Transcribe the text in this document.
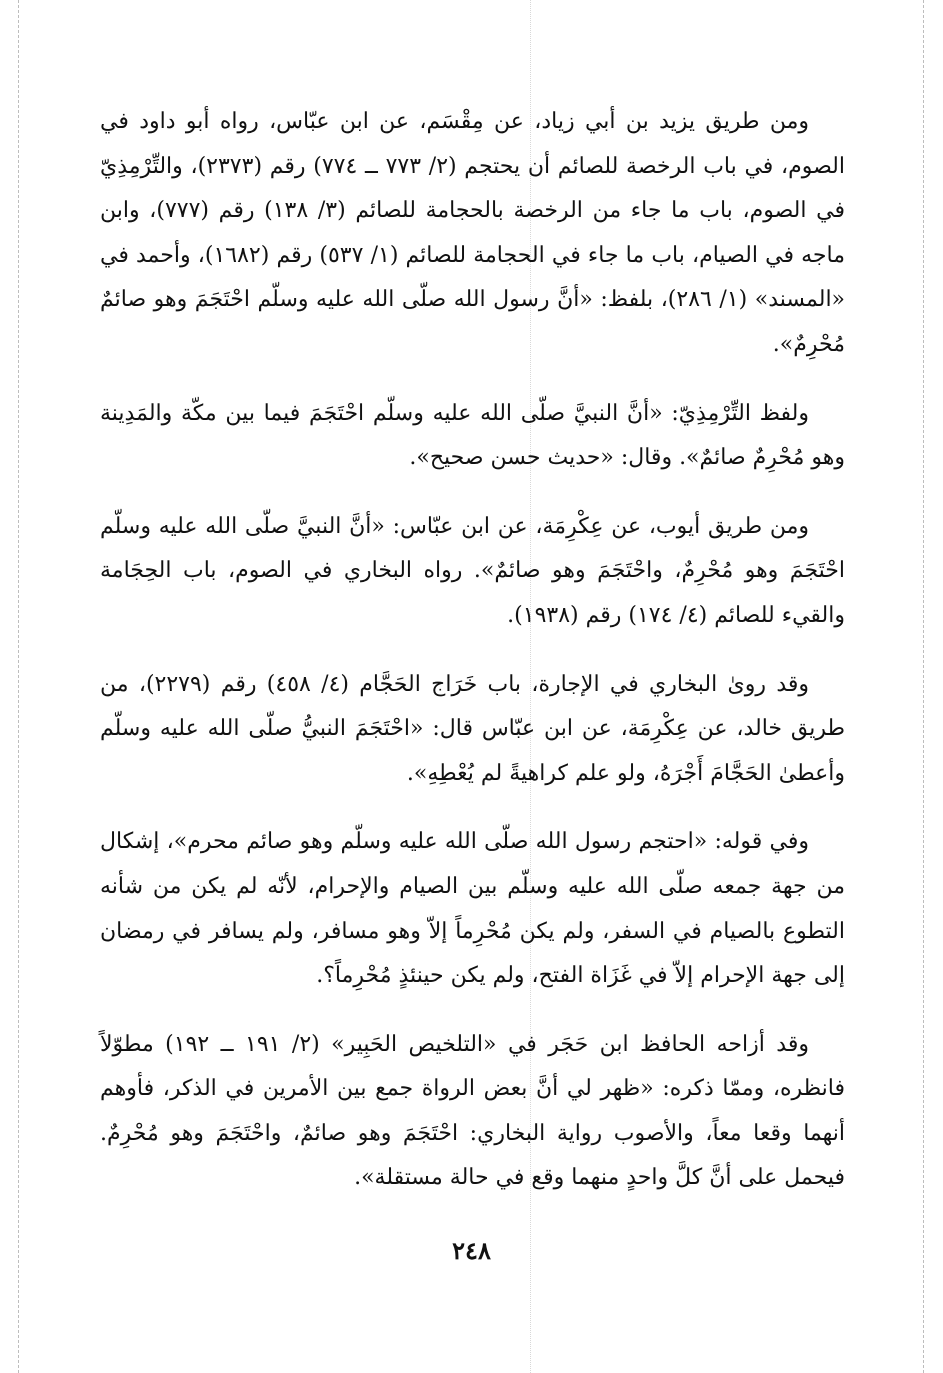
ومن طريق يزيد بن أبي زياد، عن مِقْسَم، عن ابن عبّاس، رواه أبو داود في الصوم، في باب الرخصة للصائم أن يحتجم (٢/ ٧٧٣ ــ ٧٧٤) رقم (٢٣٧٣)، والتِّرْمِذِيّ في الصوم، باب ما جاء من الرخصة بالحجامة للصائم (٣/ ١٣٨) رقم (٧٧٧)، وابن ماجه في الصيام، باب ما جاء في الحجامة للصائم (١/ ٥٣٧) رقم (١٦٨٢)، وأحمد في «المسند» (١/ ٢٨٦)، بلفظ: «أنَّ رسول الله صلّى الله عليه وسلّم احْتَجَمَ وهو صائمٌ مُحْرِمٌ».

ولفظ التِّرْمِذِيّ: «أنَّ النبيَّ صلّى الله عليه وسلّم احْتَجَمَ فيما بين مكّة والمَدِينة وهو مُحْرِمٌ صائمٌ». وقال: «حديث حسن صحيح».

ومن طريق أيوب، عن عِكْرِمَة، عن ابن عبّاس: «أنَّ النبيَّ صلّى الله عليه وسلّم احْتَجَمَ وهو مُحْرِمٌ، واحْتَجَمَ وهو صائمٌ». رواه البخاري في الصوم، باب الحِجَامة والقيء للصائم (٤/ ١٧٤) رقم (١٩٣٨).

وقد روىٰ البخاري في الإجارة، باب خَرَاج الحَجَّام (٤/ ٤٥٨) رقم (٢٢٧٩)، من طريق خالد، عن عِكْرِمَة، عن ابن عبّاس قال: «احْتَجَمَ النبيُّ صلّى الله عليه وسلّم وأعطىٰ الحَجَّامَ أَجْرَهُ، ولو علم كراهيةً لم يُعْطِهِ».

وفي قوله: «احتجم رسول الله صلّى الله عليه وسلّم وهو صائم محرم»، إشكال من جهة جمعه صلّى الله عليه وسلّم بين الصيام والإحرام، لأنّه لم يكن من شأنه التطوع بالصيام في السفر، ولم يكن مُحْرِماً إلاّ وهو مسافر، ولم يسافر في رمضان إلى جهة الإحرام إلاّ في غَزَاة الفتح، ولم يكن حينئذٍ مُحْرِماً؟.

وقد أزاحه الحافظ ابن حَجَر في «التلخيص الحَبِير» (٢/ ١٩١ ــ ١٩٢) مطوّلاً فانظره، وممّا ذكره: «ظهر لي أنَّ بعض الرواة جمع بين الأمرين في الذكر، فأوهم أنهما وقعا معاً، والأصوب رواية البخاري: احْتَجَمَ وهو صائمٌ، واحْتَجَمَ وهو مُحْرِمٌ. فيحمل على أنَّ كلَّ واحدٍ منهما وقع في حالة مستقلة».

٢٤٨
